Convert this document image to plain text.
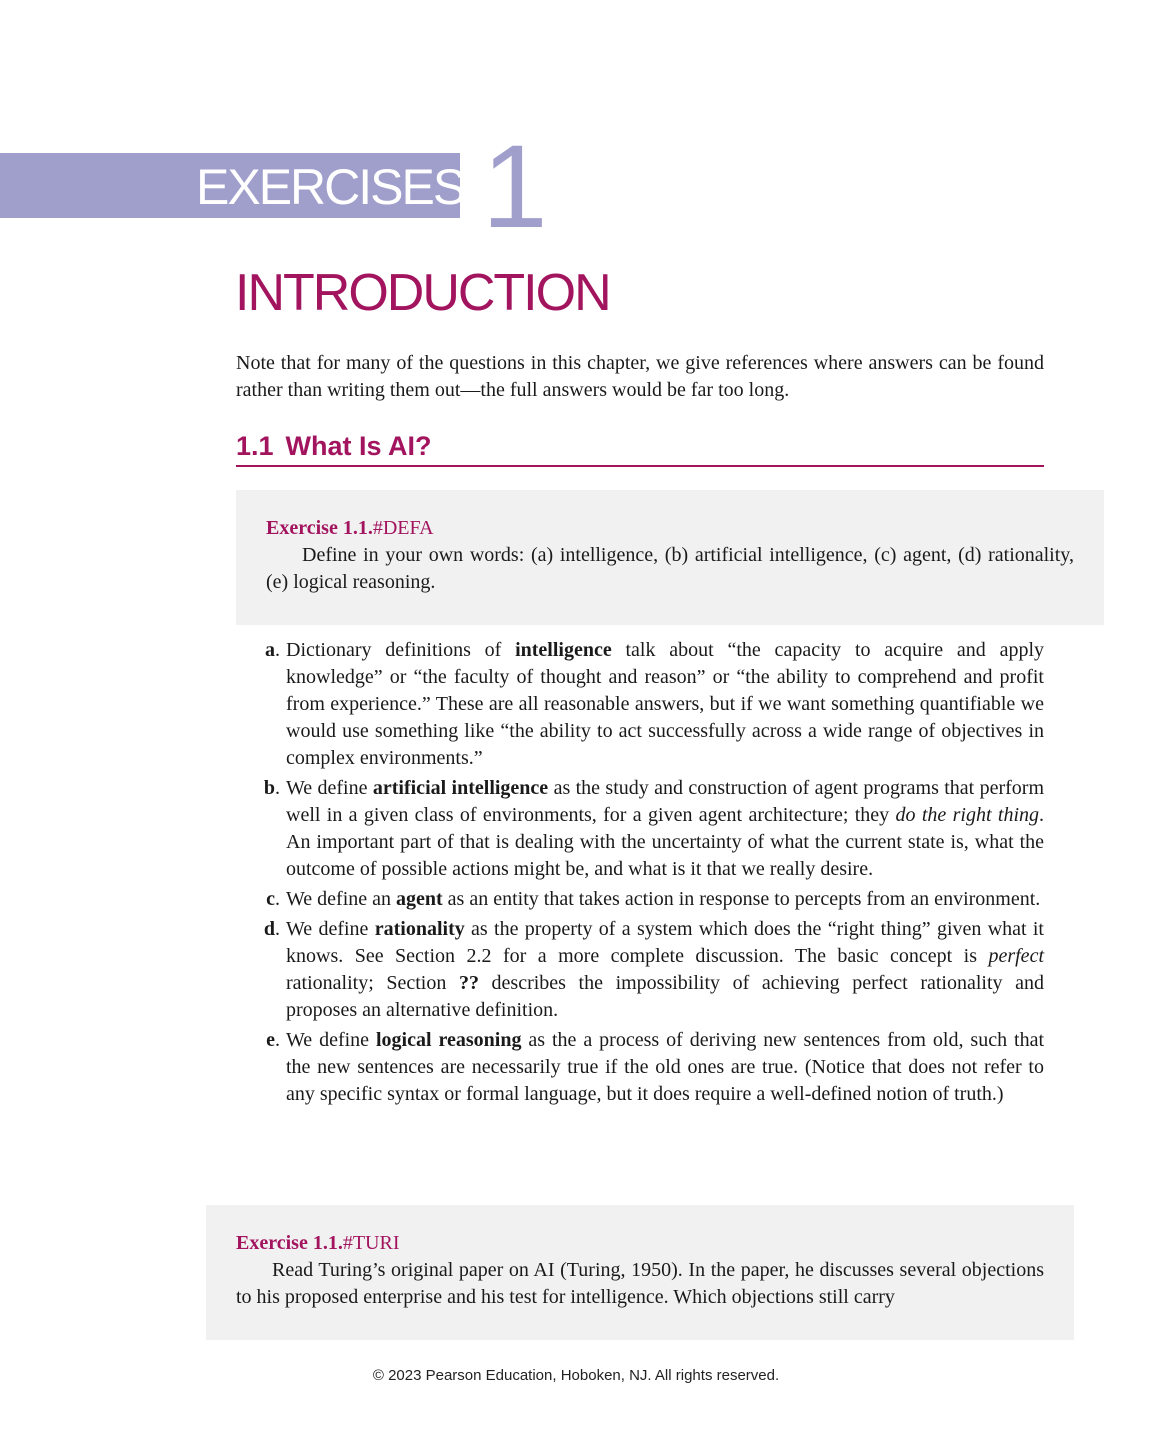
EXERCISES 1
INTRODUCTION

Note that for many of the questions in this chapter, we give references where answers can be found rather than writing them out—the full answers would be far too long.

1.1 What Is AI?
Exercise 1.1.#DEFA

Define in your own words: (a) intelligence, (b) artificial intelligence, (c) agent, (d) rationality, (e) logical reasoning.

a . Dictionary definitions of intelligence talk about “the capacity to acquire and apply knowledge” or “the faculty of thought and reason” or “the ability to comprehend and profit from experience.” These are all reasonable answers, but if we want something quantifiable we would use something like “the ability to act successfully across a wide range of objectives in complex environments.”
b . We define artificial intelligence as the study and construction of agent programs that perform well in a given class of environments, for a given agent architecture; they do the right thing. An important part of that is dealing with the uncertainty of what the current state is, what the outcome of possible actions might be, and what is it that we really desire.
c . We define an agent as an entity that takes action in response to percepts from an environment.
d . We define rationality as the property of a system which does the “right thing” given what it knows. See Section 2.2 for a more complete discussion. The basic concept is perfect rationality; Section ?? describes the impossibility of achieving perfect rationality and proposes an alternative definition.
e . We define logical reasoning as the a process of deriving new sentences from old, such that the new sentences are necessarily true if the old ones are true. (Notice that does not refer to any specific syntax or formal language, but it does require a well-defined notion of truth.)
Exercise 1.1.#TURI

Read Turing’s original paper on AI (Turing, 1950). In the paper, he discusses several objections to his proposed enterprise and his test for intelligence. Which objections still carry

© 2023 Pearson Education, Hoboken, NJ. All rights reserved.
